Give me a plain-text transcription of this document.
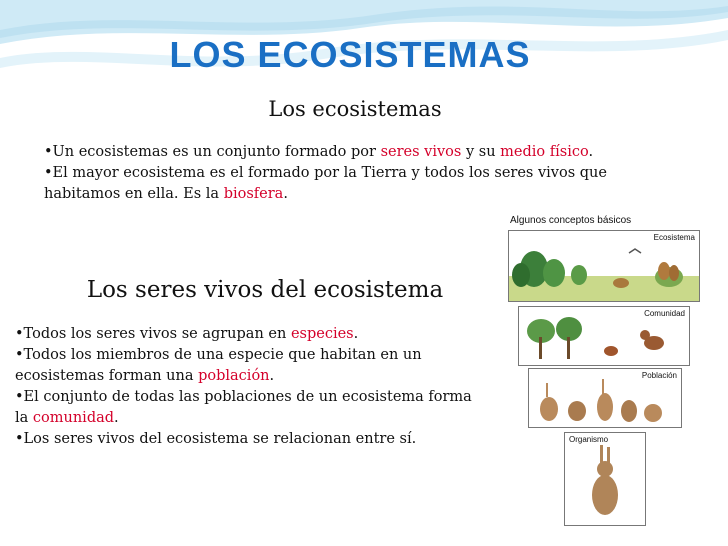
LOS ECOSISTEMAS
Los ecosistemas

•Un ecosistemas es un conjunto formado por seres vivos y su medio físico.

•El mayor ecosistema es el formado por la Tierra y todos los seres vivos que habitamos en ella. Es la biosfera.

Los seres vivos del ecosistema

•Todos los seres vivos se agrupan en especies.

•Todos los miembros de una especie que habitan en un ecosistemas forman una población.

•El conjunto de todas las poblaciones de un ecosistema forma la comunidad.

•Los seres vivos del ecosistema se relacionan entre sí.

Algunos conceptos básicos
Ecosistema
Comunidad
Población
Organismo
